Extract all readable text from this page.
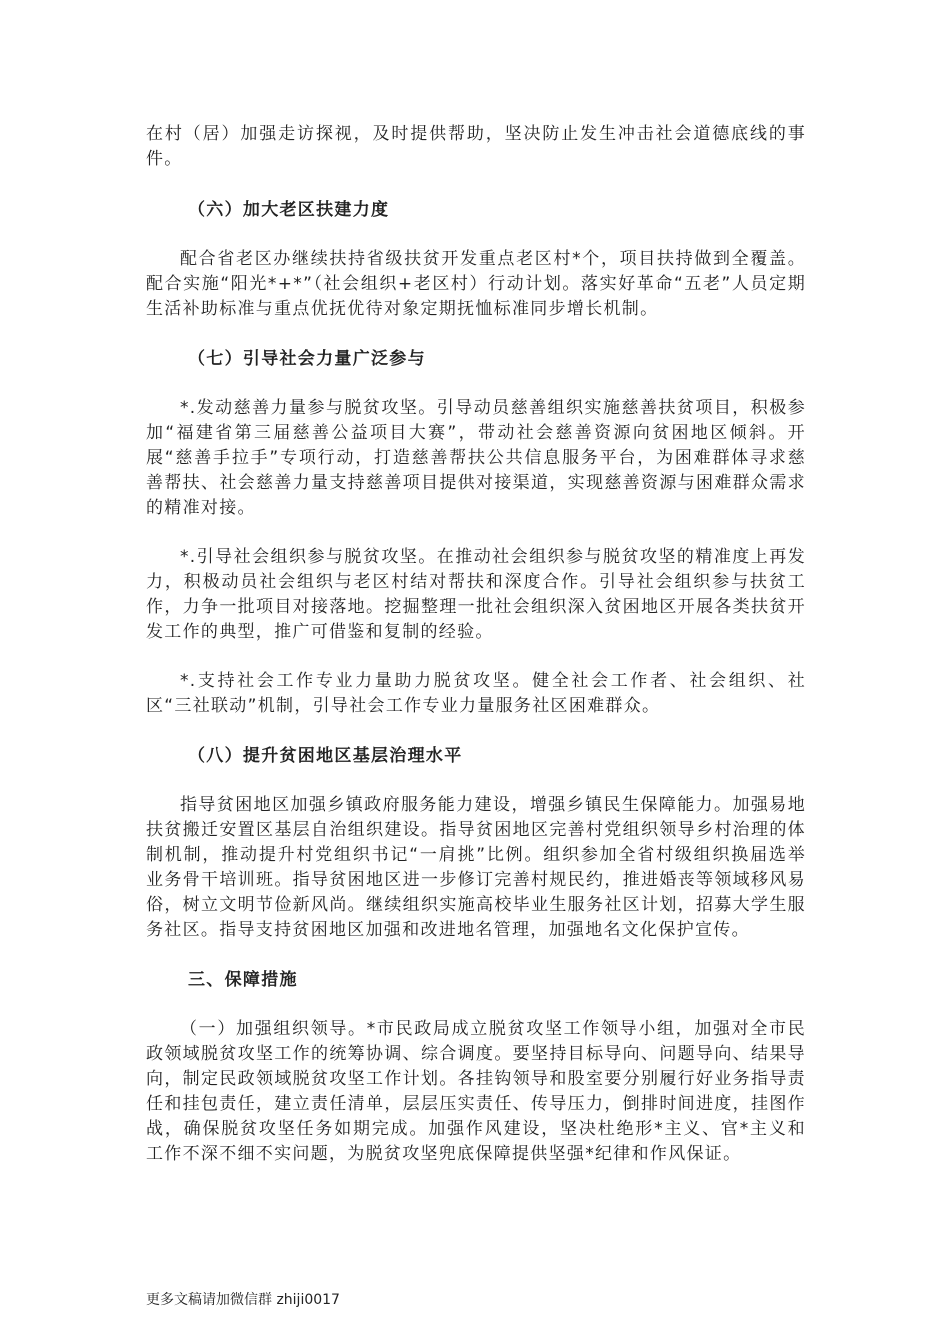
在村（居）加强走访探视，及时提供帮助，坚决防止发生冲击社会道德底线的事件。

（六）加大老区扶建力度

配合省老区办继续扶持省级扶贫开发重点老区村*个，项目扶持做到全覆盖。配合实施“阳光*+*”（社会组织+老区村）行动计划。落实好革命“五老”人员定期生活补助标准与重点优抚优待对象定期抚恤标准同步增长机制。

（七）引导社会力量广泛参与

*.发动慈善力量参与脱贫攻坚。引导动员慈善组织实施慈善扶贫项目，积极参加“福建省第三届慈善公益项目大赛”，带动社会慈善资源向贫困地区倾斜。开展“慈善手拉手”专项行动，打造慈善帮扶公共信息服务平台，为困难群体寻求慈善帮扶、社会慈善力量支持慈善项目提供对接渠道，实现慈善资源与困难群众需求的精准对接。

*.引导社会组织参与脱贫攻坚。在推动社会组织参与脱贫攻坚的精准度上再发力，积极动员社会组织与老区村结对帮扶和深度合作。引导社会组织参与扶贫工作，力争一批项目对接落地。挖掘整理一批社会组织深入贫困地区开展各类扶贫开发工作的典型，推广可借鉴和复制的经验。

*.支持社会工作专业力量助力脱贫攻坚。健全社会工作者、社会组织、社区“三社联动”机制，引导社会工作专业力量服务社区困难群众。

（八）提升贫困地区基层治理水平

指导贫困地区加强乡镇政府服务能力建设，增强乡镇民生保障能力。加强易地扶贫搬迁安置区基层自治组织建设。指导贫困地区完善村党组织领导乡村治理的体制机制，推动提升村党组织书记“一肩挑”比例。组织参加全省村级组织换届选举业务骨干培训班。指导贫困地区进一步修订完善村规民约，推进婚丧等领域移风易俗，树立文明节俭新风尚。继续组织实施高校毕业生服务社区计划，招募大学生服务社区。指导支持贫困地区加强和改进地名管理，加强地名文化保护宣传。

三、保障措施

（一）加强组织领导。*市民政局成立脱贫攻坚工作领导小组，加强对全市民政领域脱贫攻坚工作的统筹协调、综合调度。要坚持目标导向、问题导向、结果导向，制定民政领域脱贫攻坚工作计划。各挂钩领导和股室要分别履行好业务指导责任和挂包责任，建立责任清单，层层压实责任、传导压力，倒排时间进度，挂图作战，确保脱贫攻坚任务如期完成。加强作风建设，坚决杜绝形*主义、官*主义和工作不深不细不实问题，为脱贫攻坚兜底保障提供坚强*纪律和作风保证。

更多文稿请加微信群 zhiji0017
